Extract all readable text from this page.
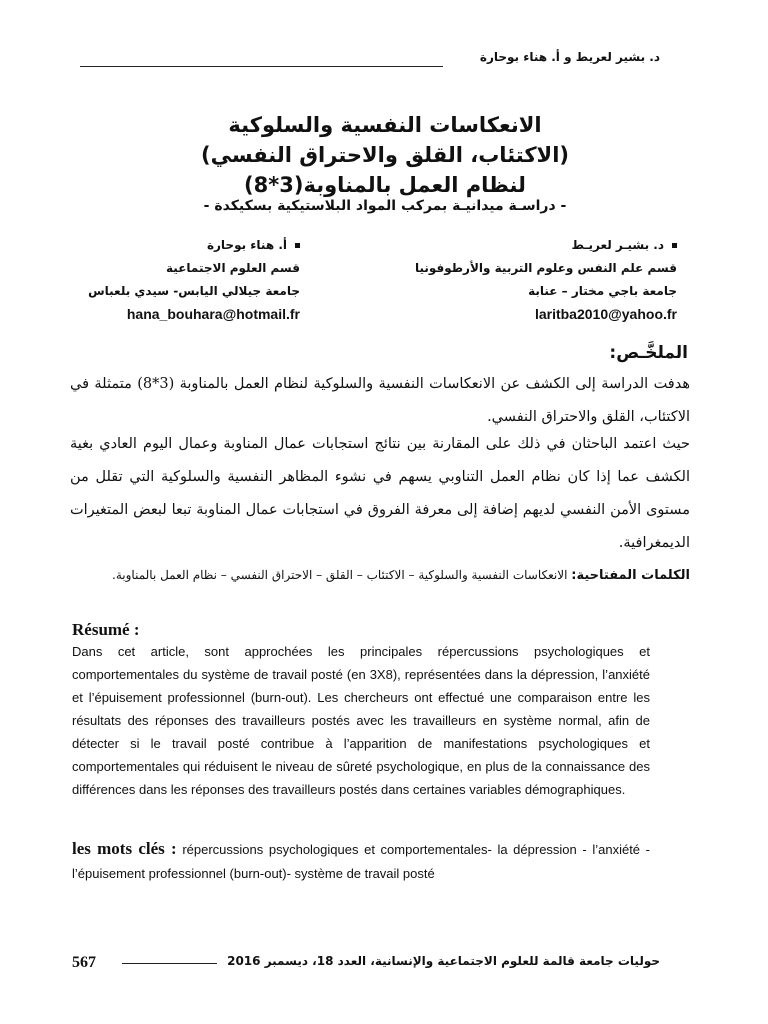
د. بشير لعريط و أ. هناء بوحارة
الانعكاسات النفسية والسلوكية
(الاكتئاب، القلق والاحتراق النفسي)
لنظام العمل بالمناوبة(3*8)
- دراسـة ميدانيـة بمركب المواد البلاستيكية بسكيكدة -
د. بشيـر لعريـط
قسم علم النفس وعلوم التربية والأرطوفونيا
جامعة باجي مختار – عنابة
laritba2010@yahoo.fr
أ. هناء بوحارة
قسم العلوم الاجتماعية
جامعة جيلالي اليابس- سيدي بلعباس
hana_bouhara@hotmail.fr
الملخَّـص:
هدفت الدراسة إلى الكشف عن الانعكاسات النفسية والسلوكية لنظام العمل بالمناوبة (3*8) متمثلة في الاكتئاب، القلق والاحتراق النفسي.
حيث اعتمد الباحثان في ذلك على المقارنة بين نتائج استجابات عمال المناوبة وعمال اليوم العادي بغية الكشف عما إذا كان نظام العمل التناوبي يسهم في نشوء المظاهر النفسية والسلوكية التي تقلل من مستوى الأمن النفسي لديهم إضافة إلى معرفة الفروق في استجابات عمال المناوبة تبعا لبعض المتغيرات الديمغرافية.
الكلمات المفتاحية: الانعكاسات النفسية والسلوكية – الاكتئاب – القلق – الاحتراق النفسي – نظام العمل بالمناوبة.
Résumé :
Dans cet article, sont approchées les principales répercussions psychologiques et comportementales du système de travail posté (en 3X8), représentées dans la dépression, l’anxiété et l’épuisement professionnel (burn-out). Les chercheurs ont effectué une comparaison entre les résultats des réponses des travailleurs postés avec les travailleurs en système normal, afin de détecter si le travail posté contribue à l’apparition de manifestations psychologiques et comportementales qui réduisent le niveau de sûreté psychologique, en plus de la connaissance des différences dans les réponses des travailleurs postés dans certaines variables démographiques.
les mots clés : répercussions psychologiques et comportementales- la dépression - l’anxiété - l’épuisement professionnel (burn-out)- système de travail posté
567	حوليات جامعة قالمة للعلوم الاجتماعية والإنسانية، العدد 18، ديسمبر 2016
